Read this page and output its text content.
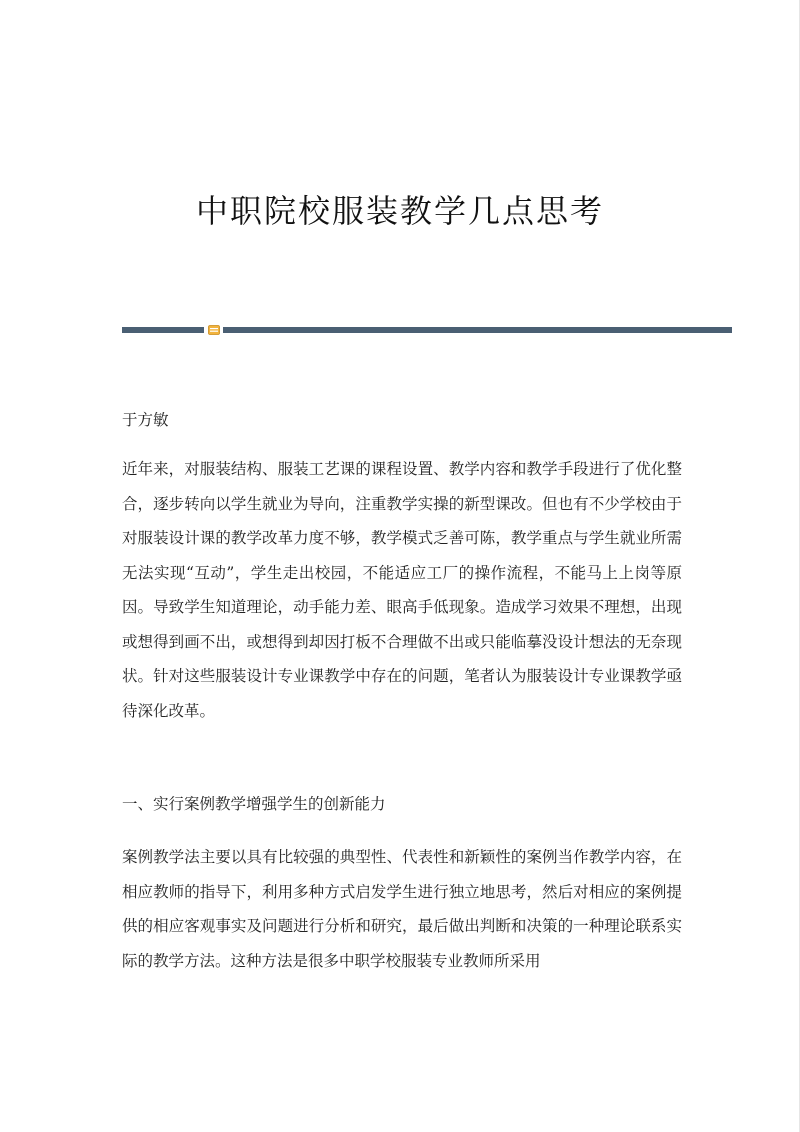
中职院校服装教学几点思考

于方敏

近年来，对服装结构、服装工艺课的课程设置、教学内容和教学手段进行了优化整合，逐步转向以学生就业为导向，注重教学实操的新型课改。但也有不少学校由于对服装设计课的教学改革力度不够，教学模式乏善可陈，教学重点与学生就业所需无法实现“互动”，学生走出校园，不能适应工厂的操作流程，不能马上上岗等原因。导致学生知道理论，动手能力差、眼高手低现象。造成学习效果不理想，出现或想得到画不出，或想得到却因打板不合理做不出或只能临摹没设计想法的无奈现状。针对这些服装设计专业课教学中存在的问题，笔者认为服装设计专业课教学亟待深化改革。

一、实行案例教学增强学生的创新能力

案例教学法主要以具有比较强的典型性、代表性和新颖性的案例当作教学内容，在相应教师的指导下，利用多种方式启发学生进行独立地思考，然后对相应的案例提供的相应客观事实及问题进行分析和研究，最后做出判断和决策的一种理论联系实际的教学方法。这种方法是很多中职学校服装专业教师所采用
